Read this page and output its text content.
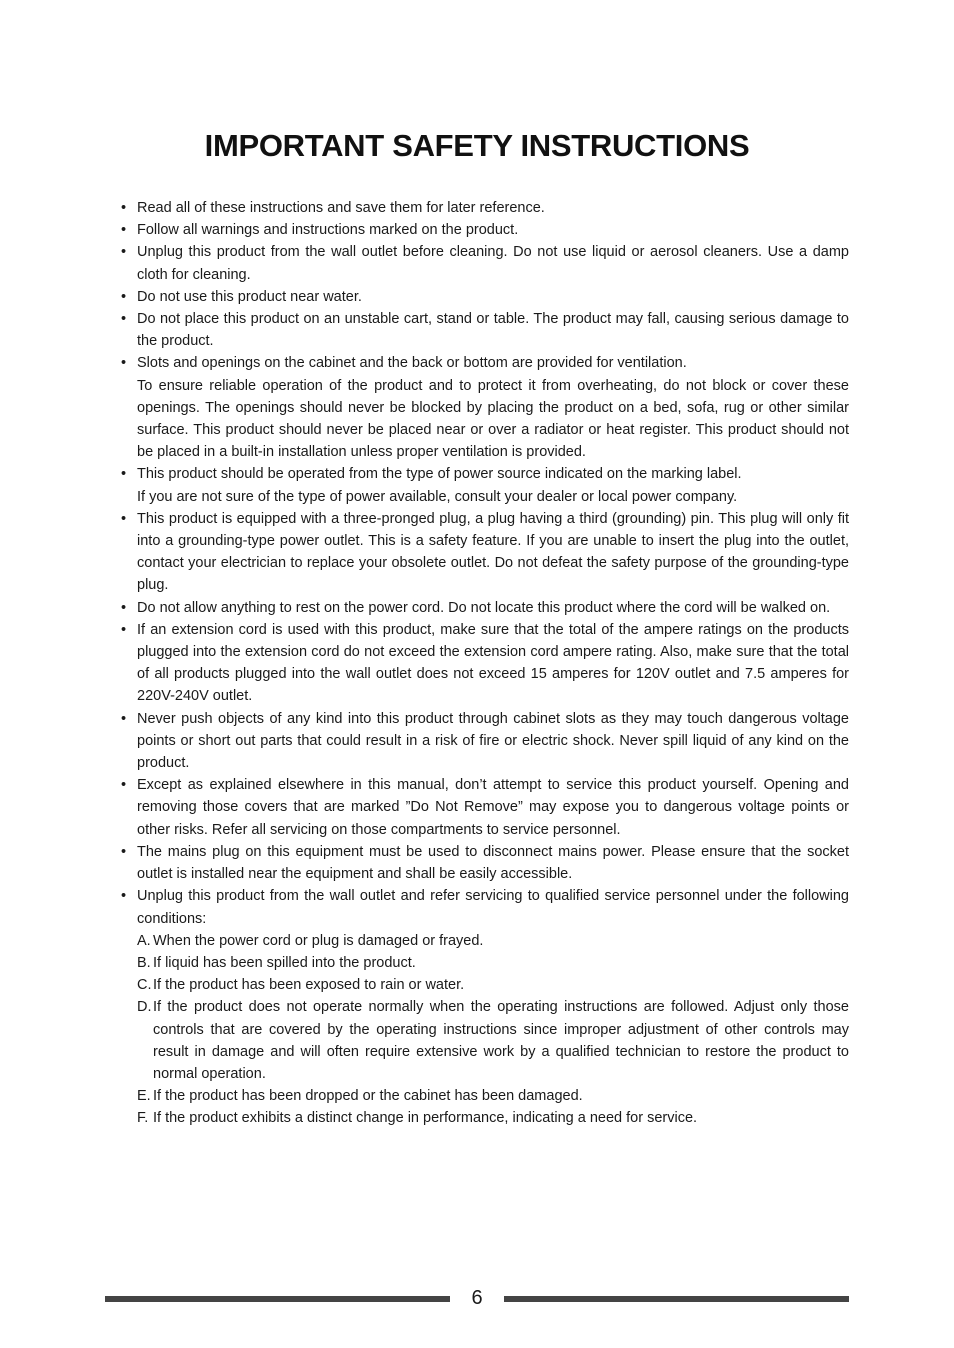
IMPORTANT SAFETY INSTRUCTIONS
• Read all of these instructions and save them for later reference.
• Follow all warnings and instructions marked on the product.
• Unplug this product from the wall outlet before cleaning. Do not use liquid or aerosol cleaners. Use a damp cloth for cleaning.
• Do not use this product near water.
• Do not place this product on an unstable cart, stand or table. The product may fall, causing serious damage to the product.
• Slots and openings on the cabinet and the back or bottom are provided for ventilation.
To ensure reliable operation of the product and to protect it from overheating, do not block or cover these openings. The openings should never be blocked by placing the product on a bed, sofa, rug or other similar surface. This product should never be placed near or over a radiator or heat register. This product should not be placed in a built-in installation unless proper ventilation is provided.
• This product should be operated from the type of power source indicated on the marking label.
If you are not sure of the type of power available, consult your dealer or local power company.
• This product is equipped with a three-pronged plug, a plug having a third (grounding) pin. This plug will only fit into a grounding-type power outlet. This is a safety feature. If you are unable to insert the plug into the outlet, contact your electrician to replace your obsolete outlet. Do not defeat the safety purpose of the grounding-type plug.
• Do not allow anything to rest on the power cord. Do not locate this product where the cord will be walked on.
• If an extension cord is used with this product, make sure that the total of the ampere ratings on the products plugged into the extension cord do not exceed the extension cord ampere rating. Also, make sure that the total of all products plugged into the wall outlet does not exceed 15 amperes for 120V outlet and 7.5 amperes for 220V-240V outlet.
• Never push objects of any kind into this product through cabinet slots as they may touch dangerous voltage points or short out parts that could result in a risk of fire or electric shock. Never spill liquid of any kind on the product.
• Except as explained elsewhere in this manual, don’t attempt to service this product yourself. Opening and removing those covers that are marked ”Do Not Remove” may expose you to dangerous voltage points or other risks. Refer all servicing on those compartments to service personnel.
• The mains plug on this equipment must be used to disconnect mains power. Please ensure that the socket outlet is installed near the equipment and shall be easily accessible.
• Unplug this product from the wall outlet and refer servicing to qualified service personnel under the following conditions:
A. When the power cord or plug is damaged or frayed.
B. If liquid has been spilled into the product.
C. If the product has been exposed to rain or water.
D. If the product does not operate normally when the operating instructions are followed. Adjust only those controls that are covered by the operating instructions since improper adjustment of other controls may result in damage and will often require extensive work by a qualified technician to restore the product to normal operation.
E. If the product has been dropped or the cabinet has been damaged.
F. If the product exhibits a distinct change in performance, indicating a need for service.
6
